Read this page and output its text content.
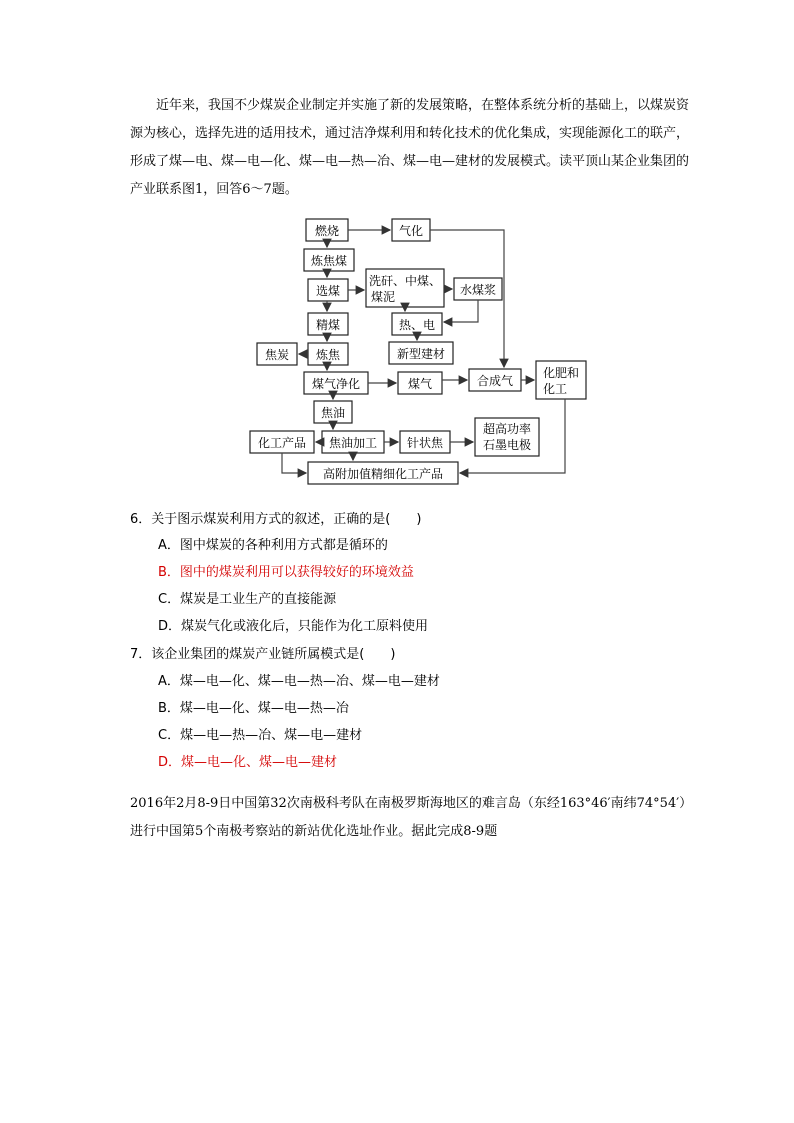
近年来，我国不少煤炭企业制定并实施了新的发展策略，在整体系统分析的基础上，以煤炭资源为核心，选择先进的适用技术，通过洁净煤利用和转化技术的优化集成，实现能源化工的联产，形成了煤—电、煤—电—化、煤—电—热—冶、煤—电—建材的发展模式。读平顶山某企业集团的产业联系图1，回答6～7题。
燃烧	气化
炼焦煤
选煤
洗矸、中煤、
煤泥	水煤浆
精煤	热、电
新型建材
焦炭 炼焦
煤气净化	煤气	合成气
化肥和
化工
焦油
化工产品 焦油加工 针状焦
超高功率
石墨电极
高附加值精细化工产品
6．关于图示煤炭利用方式的叙述，正确的是(　　)
A．图中煤炭的各种利用方式都是循环的
B．图中的煤炭利用可以获得较好的环境效益
C．煤炭是工业生产的直接能源
D．煤炭气化或液化后，只能作为化工原料使用
7．该企业集团的煤炭产业链所属模式是(　　)
A．煤—电—化、煤—电—热—冶、煤—电—建材
B．煤—电—化、煤—电—热—冶
C．煤—电—热—冶、煤—电—建材
D．煤—电—化、煤—电—建材
2016年2月8-9日中国第32次南极科考队在南极罗斯海地区的难言岛（东经163°46′南纬74°54′）进行中国第5个南极考察站的新站优化选址作业。据此完成8-9题
